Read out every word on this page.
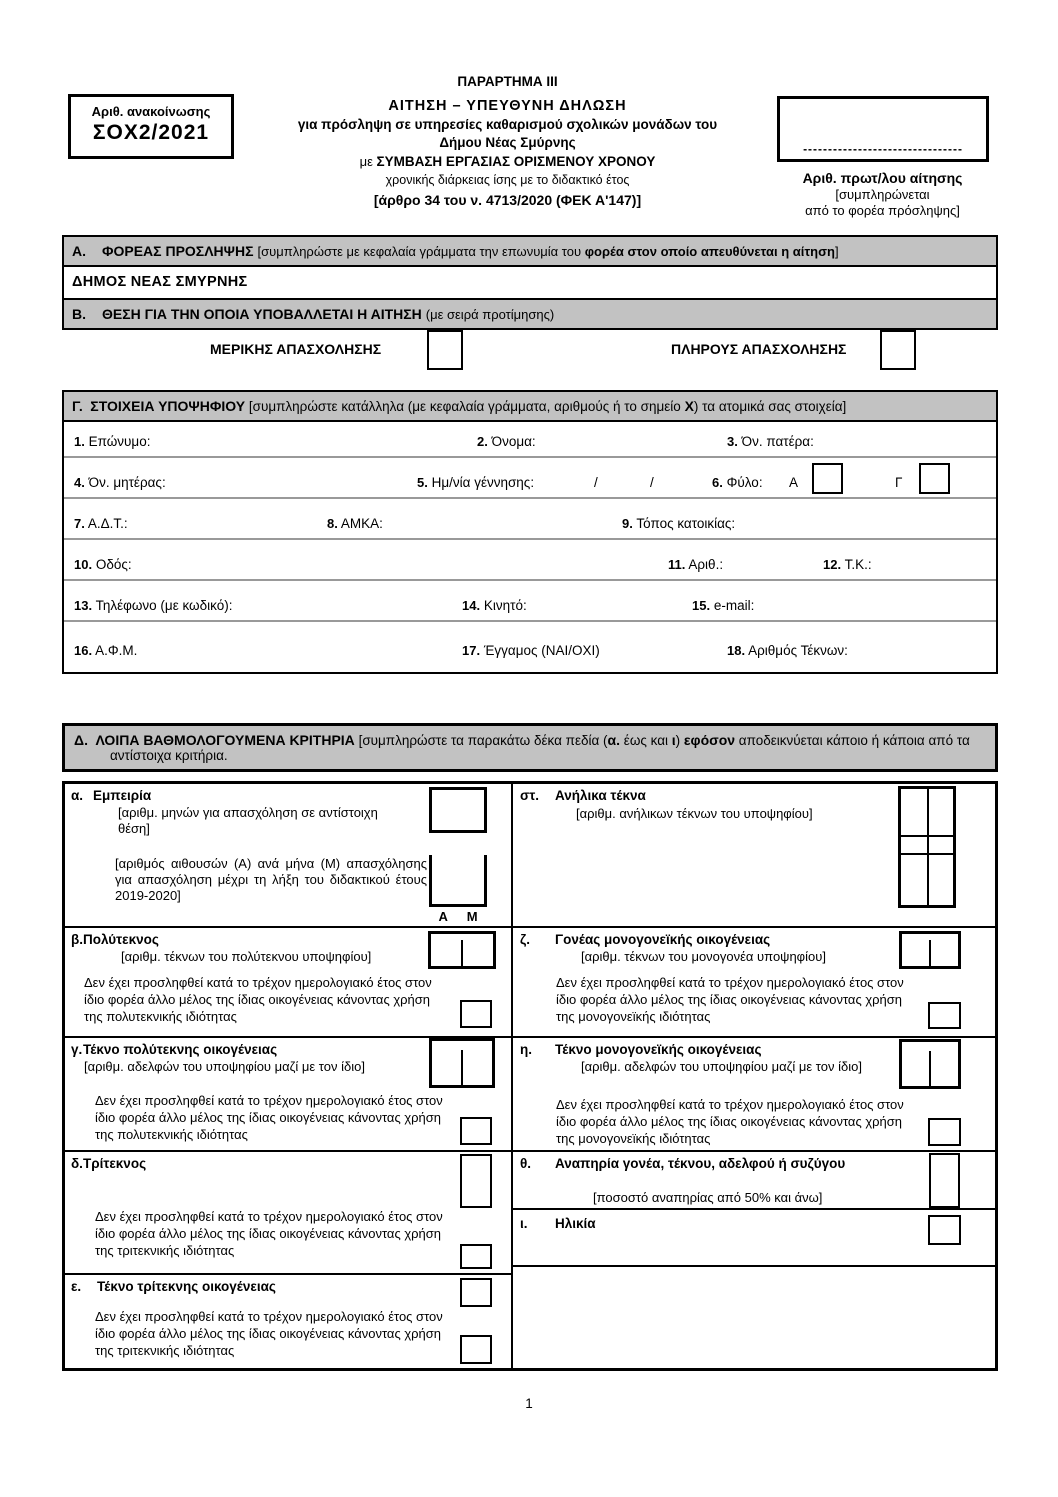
ΠΑΡΑΡΤΗΜΑ ΙΙΙ
Αριθ. ανακοίνωσης
ΣΟΧ2/2021
ΑΙΤΗΣΗ – ΥΠΕΥΘΥΝΗ ΔΗΛΩΣΗ
για πρόσληψη σε υπηρεσίες καθαρισμού σχολικών μονάδων του
Δήμου Νέας Σμύρνης
με ΣΥΜΒΑΣΗ ΕΡΓΑΣΙΑΣ ΟΡΙΣΜΕΝΟΥ ΧΡΟΝΟΥ
χρονικής διάρκειας ίσης με το διδακτικό έτος
[άρθρο 34 του ν. 4713/2020 (ΦΕΚ Α'147)]
--------------------------------
Αριθ. πρωτ/λου αίτησης
[συμπληρώνεται
από το φορέα πρόσληψης]
Α. ΦΟΡΕΑΣ ΠΡΟΣΛΗΨΗΣ [συμπληρώστε με κεφαλαία γράμματα την επωνυμία του φορέα στον οποίο απευθύνεται η αίτηση]
ΔΗΜΟΣ ΝΕΑΣ ΣΜΥΡΝΗΣ
Β. ΘΕΣΗ ΓΙΑ ΤΗΝ ΟΠΟΙΑ ΥΠΟΒΑΛΛΕΤΑΙ Η ΑΙΤΗΣΗ (με σειρά προτίμησης)
ΜΕΡΙΚΗΣ ΑΠΑΣΧΟΛΗΣΗΣ	ΠΛΗΡΟΥΣ ΑΠΑΣΧΟΛΗΣΗΣ
Γ. ΣΤΟΙΧΕΙΑ ΥΠΟΨΗΦΙΟΥ [συμπληρώστε κατάλληλα (με κεφαλαία γράμματα, αριθμούς ή το σημείο Χ) τα ατομικά σας στοιχεία]
1. Επώνυμο:	2. Όνομα:	3. Όν. πατέρα:
4. Όν. μητέρας:	5. Ημ/νία γέννησης:	/	/	6. Φύλο: Α	Γ
7. Α.Δ.Τ.:	8. ΑΜΚΑ:	9. Τόπος κατοικίας:
10. Οδός:	11. Αριθ.:	12. Τ.Κ.:
13. Τηλέφωνο (με κωδικό):	14. Κινητό:	15. e-mail:
16. Α.Φ.Μ.	17. Έγγαμος (ΝΑΙ/ΟΧΙ)	18. Αριθμός Τέκνων:
Δ. ΛΟΙΠΑ ΒΑΘΜΟΛΟΓΟΥΜΕΝΑ ΚΡΙΤΗΡΙΑ [συμπληρώστε τα παρακάτω δέκα πεδία (α. έως και ι) εφόσον αποδεικνύεται κάποιο ή κάποια από τα αντίστοιχα κριτήρια.
α. Εμπειρία
[αριθμ. μηνών για απασχόληση σε αντίστοιχη θέση]
[αριθμός αιθουσών (Α) ανά μήνα (Μ) απασχόλησης για απασχόληση μέχρι τη λήξη του διδακτικού έτους 2019-2020]
Α Μ
στ. Ανήλικα τέκνα
[αριθμ. ανήλικων τέκνων του υποψηφίου]
β. Πολύτεκνος
[αριθμ. τέκνων του πολύτεκνου υποψηφίου]
Δεν έχει προσληφθεί κατά το τρέχον ημερολογιακό έτος στον ίδιο φορέα άλλο μέλος της ίδιας οικογένειας κάνοντας χρήση της πολυτεκνικής ιδιότητας
ζ. Γονέας μονογονεϊκής οικογένειας
[αριθμ. τέκνων του μονογονέα υποψηφίου]
Δεν έχει προσληφθεί κατά το τρέχον ημερολογιακό έτος στον ίδιο φορέα άλλο μέλος της ίδιας οικογένειας κάνοντας χρήση της μονογονεϊκής ιδιότητας
γ. Τέκνο πολύτεκνης οικογένειας
[αριθμ. αδελφών του υποψηφίου μαζί με τον ίδιο]
Δεν έχει προσληφθεί κατά το τρέχον ημερολογιακό έτος στον ίδιο φορέα άλλο μέλος της ίδιας οικογένειας κάνοντας χρήση της πολυτεκνικής ιδιότητας
η. Τέκνο μονογονεϊκής οικογένειας
[αριθμ. αδελφών του υποψηφίου μαζί με τον ίδιο]
Δεν έχει προσληφθεί κατά το τρέχον ημερολογιακό έτος στον ίδιο φορέα άλλο μέλος της ίδιας οικογένειας κάνοντας χρήση της μονογονεϊκής ιδιότητας
δ. Τρίτεκνος
Δεν έχει προσληφθεί κατά το τρέχον ημερολογιακό έτος στον ίδιο φορέα άλλο μέλος της ίδιας οικογένειας κάνοντας χρήση της τριτεκνικής ιδιότητας
θ. Αναπηρία γονέα, τέκνου, αδελφού ή συζύγου
[ποσοστό αναπηρίας από 50% και άνω]
ι. Ηλικία
ε. Τέκνο τρίτεκνης οικογένειας
Δεν έχει προσληφθεί κατά το τρέχον ημερολογιακό έτος στον ίδιο φορέα άλλο μέλος της ίδιας οικογένειας κάνοντας χρήση της τριτεκνικής ιδιότητας
1
